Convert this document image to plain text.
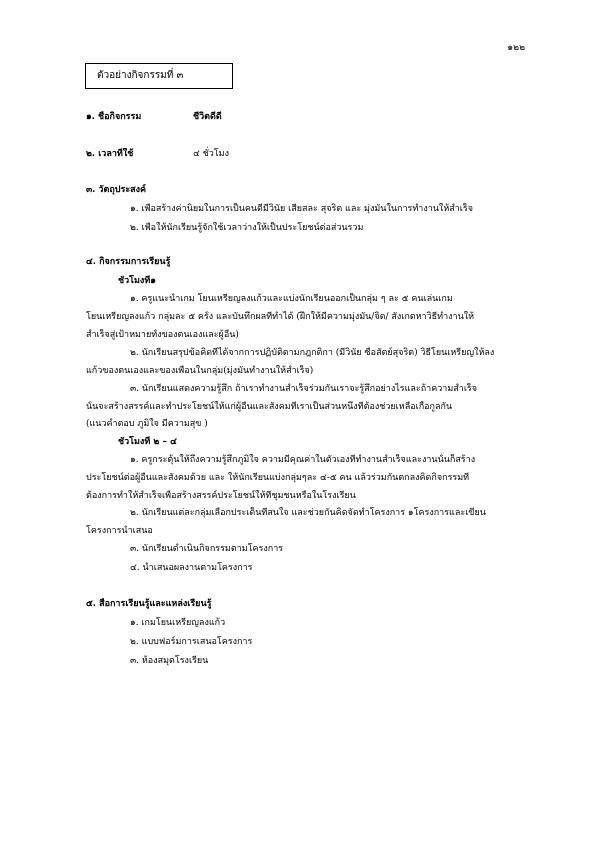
๑๒๒
ตัวอย่างกิจกรรมที่ ๓
๑. ชื่อกิจกรรม	ชีวิตดีดี
๒. เวลาที่ใช้	๔ ชั่วโมง
๓. วัตถุประสงค์
๑. เพื่อสร้างค่านิยมในการเป็นคนดีมีวินัย เสียสละ สุจริต และ มุ่งมั่นในการทำงานให้สำเร็จ
๒. เพื่อให้นักเรียนรู้จักใช้เวลาว่างให้เป็นประโยชน์ต่อส่วนรวม
๔. กิจกรรมการเรียนรู้
ชั่วโมงที่๑
๑. ครูแนะนำเกม โยนเหรียญลงแก้วและแบ่งนักเรียนออกเป็นกลุ่ม ๆ ละ ๕ คนเล่นเกม
โยนเหรียญลงแก้ว กลุ่มละ ๕ ครั้ง และบันทึกผลที่ทำได้ (ฝึกให้มีความมุ่งมั่น/จิต/ สังเกตหาวิธีทำงานให้
สำเร็จสู่เป้าหมายทั้งของตนเองและผู้อื่น)
๒. นักเรียนสรุปข้อคิดที่ได้จากการปฏิบัติตามกฎกติกา (มีวินัย ซื่อสัตย์สุจริต) วิธีโยนเหรียญให้ลง
แก้วของตนเองและของเพื่อนในกลุ่ม(มุ่งมั่นทำงานให้สำเร็จ)
๓. นักเรียนแสดงความรู้สึก ถ้าเราทำงานสำเร็จร่วมกันเราจะรู้สึกอย่างไรและถ้าความสำเร็จ
นั้นจะสร้างสรรค์และทำประโยชน์ให้แก่ผู้อื่นและสังคมที่เราเป็นส่วนหนึ่งที่ต้องช่วยเหลือเกื้อกูลกัน
(แนวคำตอบ ภูมิใจ มีความสุข )
ชั่วโมงที่ ๒ – ๔
๑. ครูกระตุ้นให้ถึงความรู้สึกภูมิใจ ความมีคุณค่าในตัวเองที่ทำงานสำเร็จและงานนั้นก็สร้าง
ประโยชน์ต่อผู้อื่นและสังคมด้วย และ ให้นักเรียนแบ่งกลุ่มๆละ ๔-๕ คน แล้วร่วมกันตกลงคิดกิจกรรมที่
ต้องการทำให้สำเร็จเพื่อสร้างสรรค์ประโยชน์ให้ที่ชุมชนหรือในโรงเรียน
๒. นักเรียนแต่ละกลุ่มเลือกประเด็นที่สนใจ และช่วยกันคิดจัดทำโครงการ ๑โครงการและเขียน
โครงการนำเสนอ
๓. นักเรียนดำเนินกิจกรรมตามโครงการ
๔. นำเสนอผลงานตามโครงการ
๕. สื่อการเรียนรู้และแหล่งเรียนรู้
๑. เกมโยนเหรียญลงแก้ว
๒. แบบฟอร์มการเสนอโครงการ
๓. ห้องสมุดโรงเรียน
